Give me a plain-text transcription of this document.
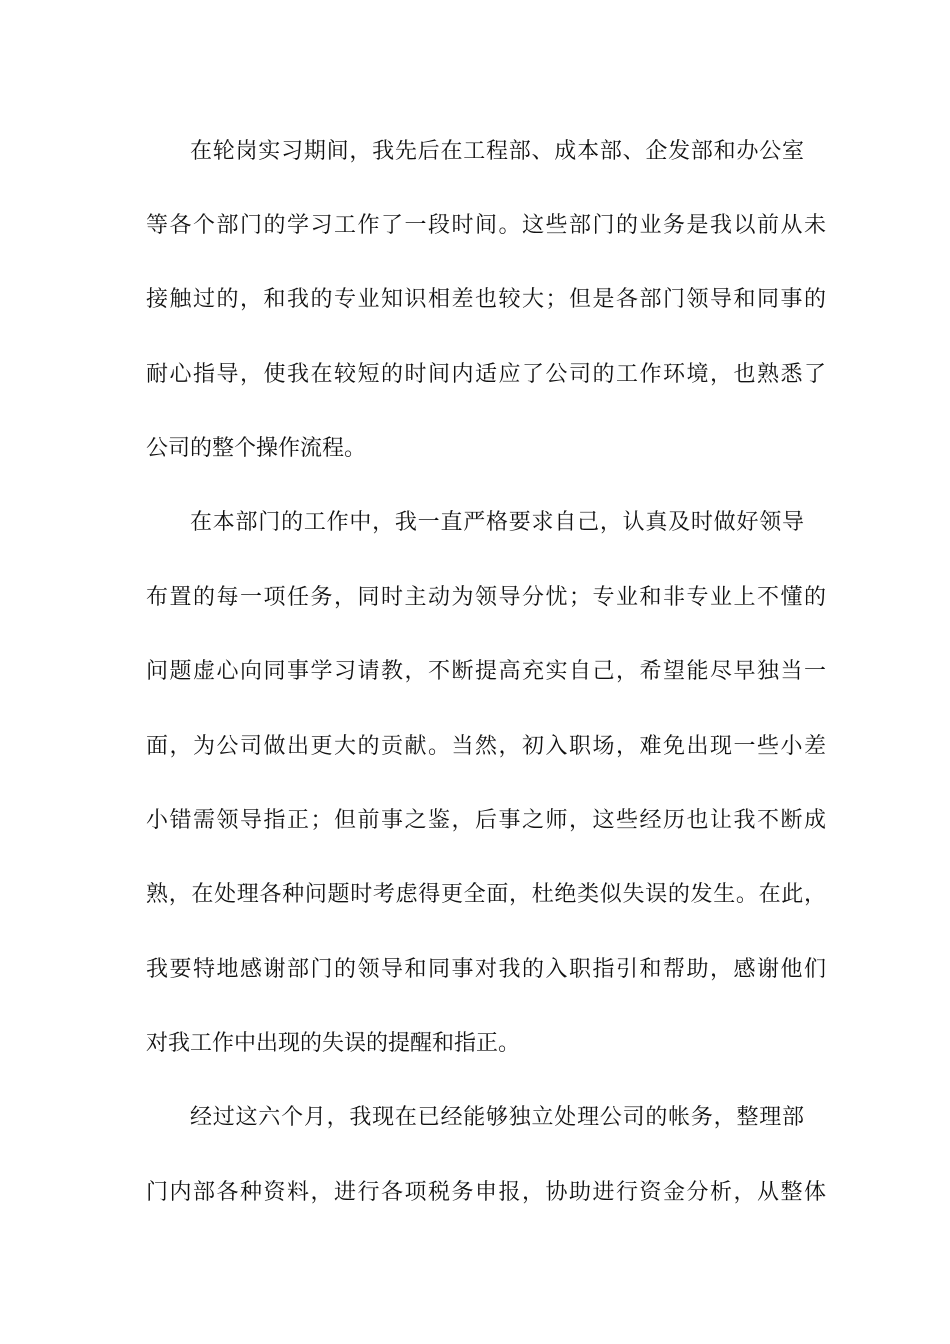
在轮岗实习期间，我先后在工程部、成本部、企发部和办公室

等各个部门的学习工作了一段时间。这些部门的业务是我以前从未

接触过的，和我的专业知识相差也较大；但是各部门领导和同事的

耐心指导，使我在较短的时间内适应了公司的工作环境，也熟悉了

公司的整个操作流程。

在本部门的工作中，我一直严格要求自己，认真及时做好领导

布置的每一项任务，同时主动为领导分忧；专业和非专业上不懂的

问题虚心向同事学习请教，不断提高充实自己，希望能尽早独当一

面，为公司做出更大的贡献。当然，初入职场，难免出现一些小差

小错需领导指正；但前事之鉴，后事之师，这些经历也让我不断成

熟，在处理各种问题时考虑得更全面，杜绝类似失误的发生。在此，

我要特地感谢部门的领导和同事对我的入职指引和帮助，感谢他们

对我工作中出现的失误的提醒和指正。

经过这六个月，我现在已经能够独立处理公司的帐务，整理部

门内部各种资料，进行各项税务申报，协助进行资金分析，从整体
